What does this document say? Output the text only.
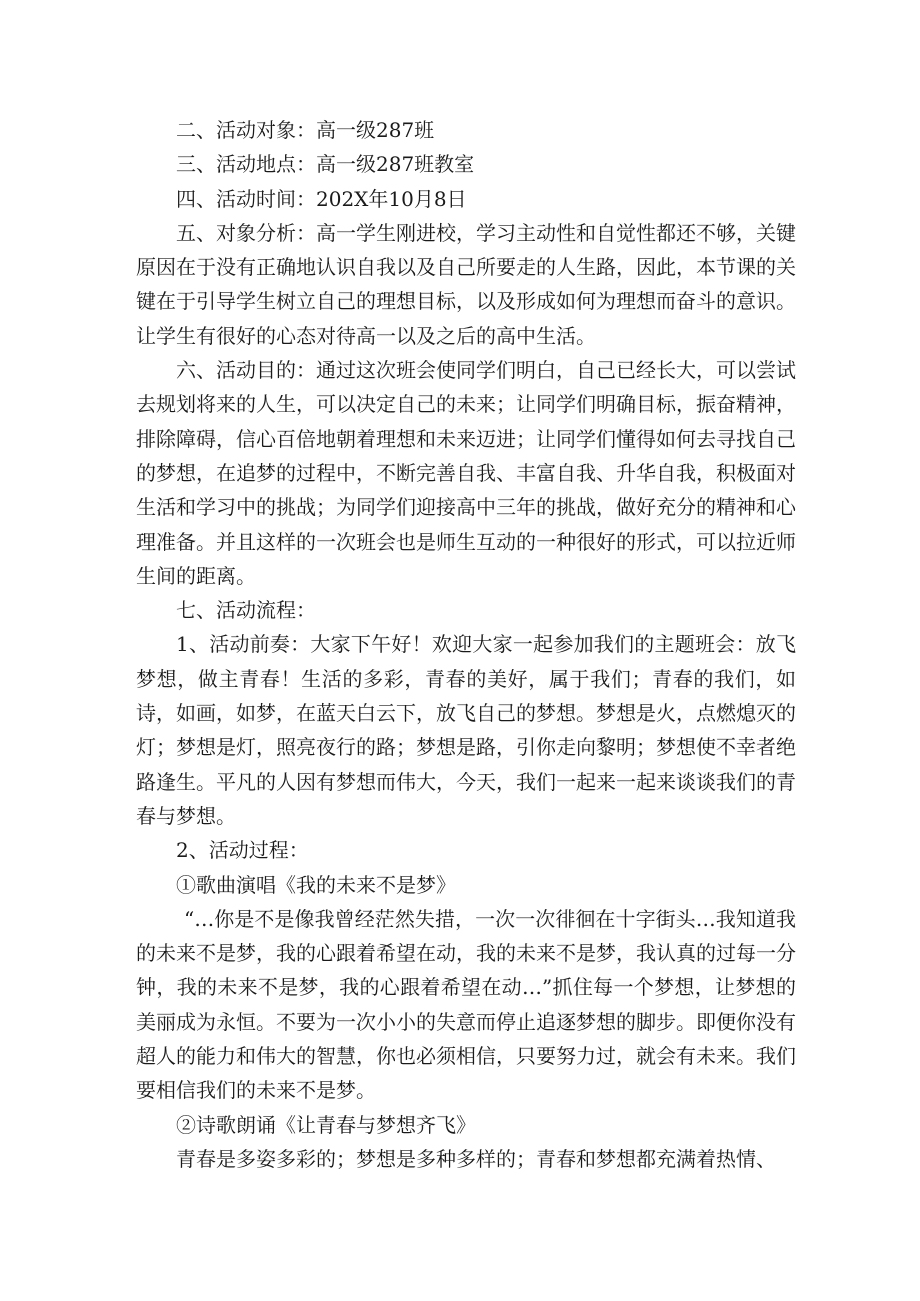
二、活动对象：高一级287班

三、活动地点：高一级287班教室

四、活动时间：202X年10月8日

五、对象分析：高一学生刚进校，学习主动性和自觉性都还不够，关键原因在于没有正确地认识自我以及自己所要走的人生路，因此，本节课的关键在于引导学生树立自己的理想目标，以及形成如何为理想而奋斗的意识。让学生有很好的心态对待高一以及之后的高中生活。

六、活动目的：通过这次班会使同学们明白，自己已经长大，可以尝试去规划将来的人生，可以决定自己的未来；让同学们明确目标，振奋精神，排除障碍，信心百倍地朝着理想和未来迈进；让同学们懂得如何去寻找自己的梦想，在追梦的过程中，不断完善自我、丰富自我、升华自我，积极面对生活和学习中的挑战；为同学们迎接高中三年的挑战，做好充分的精神和心理准备。并且这样的一次班会也是师生互动的一种很好的形式，可以拉近师生间的距离。

七、活动流程：

1、活动前奏：大家下午好！欢迎大家一起参加我们的主题班会：放飞梦想，做主青春！生活的多彩，青春的美好，属于我们；青春的我们，如诗，如画，如梦，在蓝天白云下，放飞自己的梦想。梦想是火，点燃熄灭的灯；梦想是灯，照亮夜行的路；梦想是路，引你走向黎明；梦想使不幸者绝路逢生。平凡的人因有梦想而伟大，今天，我们一起来一起来谈谈我们的青春与梦想。

2、活动过程：

①歌曲演唱《我的未来不是梦》

“…你是不是像我曾经茫然失措，一次一次徘徊在十字街头…我知道我的未来不是梦，我的心跟着希望在动，我的未来不是梦，我认真的过每一分钟，我的未来不是梦，我的心跟着希望在动…”抓住每一个梦想，让梦想的美丽成为永恒。不要为一次小小的失意而停止追逐梦想的脚步。即便你没有超人的能力和伟大的智慧，你也必须相信，只要努力过，就会有未来。我们要相信我们的未来不是梦。

②诗歌朗诵《让青春与梦想齐飞》

青春是多姿多彩的；梦想是多种多样的；青春和梦想都充满着热情、
